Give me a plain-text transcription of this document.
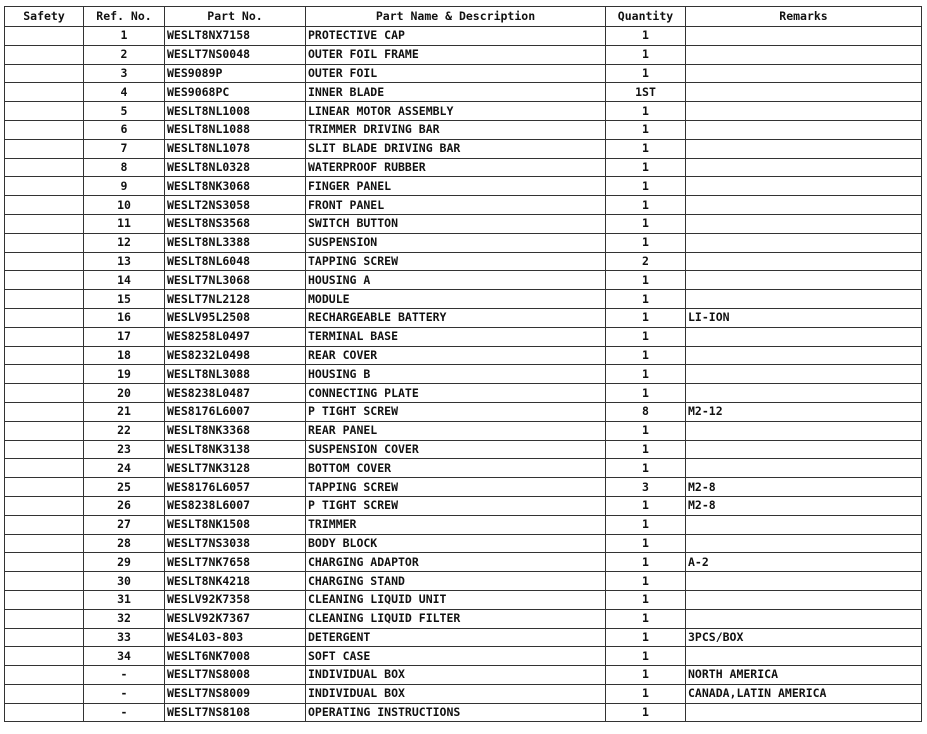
Safety	Ref. No.	Part No.	Part Name & Description	Quantity	Remarks
	1	WESLT8NX7158	PROTECTIVE CAP	1	
	2	WESLT7NS0048	OUTER FOIL FRAME	1	
	3	WES9089P	OUTER FOIL	1	
	4	WES9068PC	INNER BLADE	1ST	
	5	WESLT8NL1008	LINEAR MOTOR ASSEMBLY	1	
	6	WESLT8NL1088	TRIMMER DRIVING BAR	1	
	7	WESLT8NL1078	SLIT BLADE DRIVING BAR	1	
	8	WESLT8NL0328	WATERPROOF RUBBER	1	
	9	WESLT8NK3068	FINGER PANEL	1	
	10	WESLT2NS3058	FRONT PANEL	1	
	11	WESLT8NS3568	SWITCH BUTTON	1	
	12	WESLT8NL3388	SUSPENSION	1	
	13	WESLT8NL6048	TAPPING SCREW	2	
	14	WESLT7NL3068	HOUSING A	1	
	15	WESLT7NL2128	MODULE	1	
	16	WESLV95L2508	RECHARGEABLE BATTERY	1	LI-ION
	17	WES8258L0497	TERMINAL BASE	1	
	18	WES8232L0498	REAR COVER	1	
	19	WESLT8NL3088	HOUSING B	1	
	20	WES8238L0487	CONNECTING PLATE	1	
	21	WES8176L6007	P TIGHT SCREW	8	M2-12
	22	WESLT8NK3368	REAR PANEL	1	
	23	WESLT8NK3138	SUSPENSION COVER	1	
	24	WESLT7NK3128	BOTTOM COVER	1	
	25	WES8176L6057	TAPPING SCREW	3	M2-8
	26	WES8238L6007	P TIGHT SCREW	1	M2-8
	27	WESLT8NK1508	TRIMMER	1	
	28	WESLT7NS3038	BODY BLOCK	1	
	29	WESLT7NK7658	CHARGING ADAPTOR	1	A-2
	30	WESLT8NK4218	CHARGING STAND	1	
	31	WESLV92K7358	CLEANING LIQUID UNIT	1	
	32	WESLV92K7367	CLEANING LIQUID FILTER	1	
	33	WES4L03-803	DETERGENT	1	3PCS/BOX
	34	WESLT6NK7008	SOFT CASE	1	
	-	WESLT7NS8008	INDIVIDUAL BOX	1	NORTH AMERICA
	-	WESLT7NS8009	INDIVIDUAL BOX	1	CANADA,LATIN AMERICA
	-	WESLT7NS8108	OPERATING INSTRUCTIONS	1	
